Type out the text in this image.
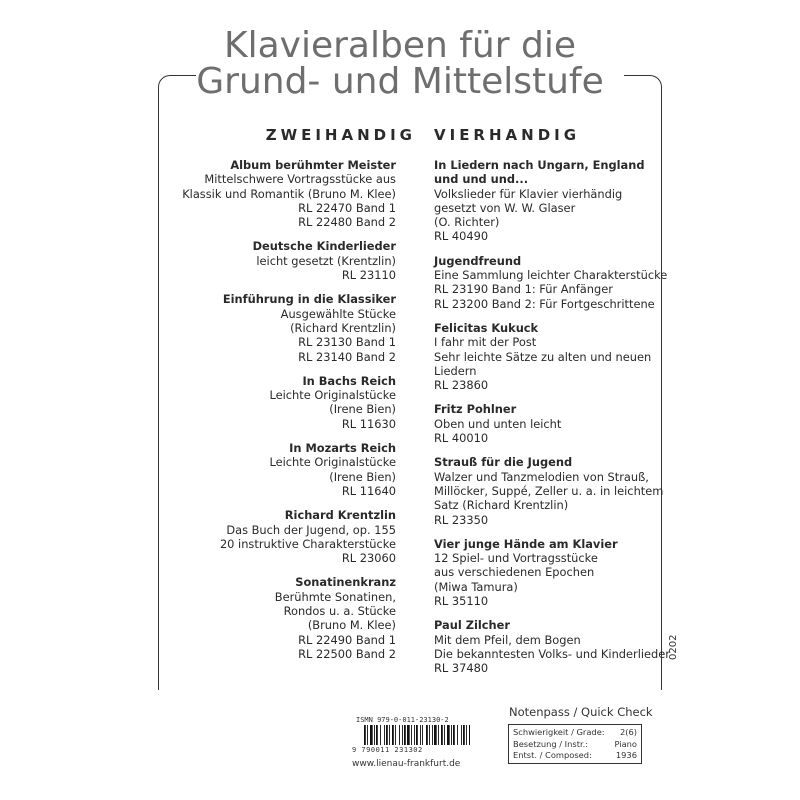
Klavieralben für die
Grund- und Mittelstufe
ZWEIHANDIG VIERHANDIG
Album berühmter Meister
Mittelschwere Vortragsstücke aus
Klassik und Romantik (Bruno M. Klee)
RL 22470 Band 1
RL 22480 Band 2
Deutsche Kinderlieder
leicht gesetzt (Krentzlin)
RL 23110
Einführung in die Klassiker
Ausgewählte Stücke
(Richard Krentzlin)
RL 23130 Band 1
RL 23140 Band 2
In Bachs Reich
Leichte Originalstücke
(Irene Bien)
RL 11630
In Mozarts Reich
Leichte Originalstücke
(Irene Bien)
RL 11640
Richard Krentzlin
Das Buch der Jugend, op. 155
20 instruktive Charakterstücke
RL 23060
Sonatinenkranz
Berühmte Sonatinen,
Rondos u. a. Stücke
(Bruno M. Klee)
RL 22490 Band 1
RL 22500 Band 2
In Liedern nach Ungarn, England und und und...
Volkslieder für Klavier vierhändig
gesetzt von W. W. Glaser
(O. Richter)
RL 40490
Jugendfreund
Eine Sammlung leichter Charakterstücke
RL 23190 Band 1: Für Anfänger
RL 23200 Band 2: Für Fortgeschrittene
Felicitas Kukuck
I fahr mit der Post
Sehr leichte Sätze zu alten und neuen
Liedern
RL 23860
Fritz Pohlner
Oben und unten leicht
RL 40010
Strauß für die Jugend
Walzer und Tanzmelodien von Strauß,
Millöcker, Suppé, Zeller u. a. in leichtem
Satz (Richard Krentzlin)
RL 23350
Vier junge Hände am Klavier
12 Spiel- und Vortragsstücke
aus verschiedenen Epochen
(Miwa Tamura)
RL 35110
Paul Zilcher
Mit dem Pfeil, dem Bogen
Die bekanntesten Volks- und Kinderlieder
RL 37480
0202
ISMN 979-0-011-23130-2
9 790011 231302
www.lienau-frankfurt.de
Notenpass / Quick Check
Schwierigkeit / Grade: 2(6)
Besetzung / Instr.:	Piano
Entst. / Composed:	1936
